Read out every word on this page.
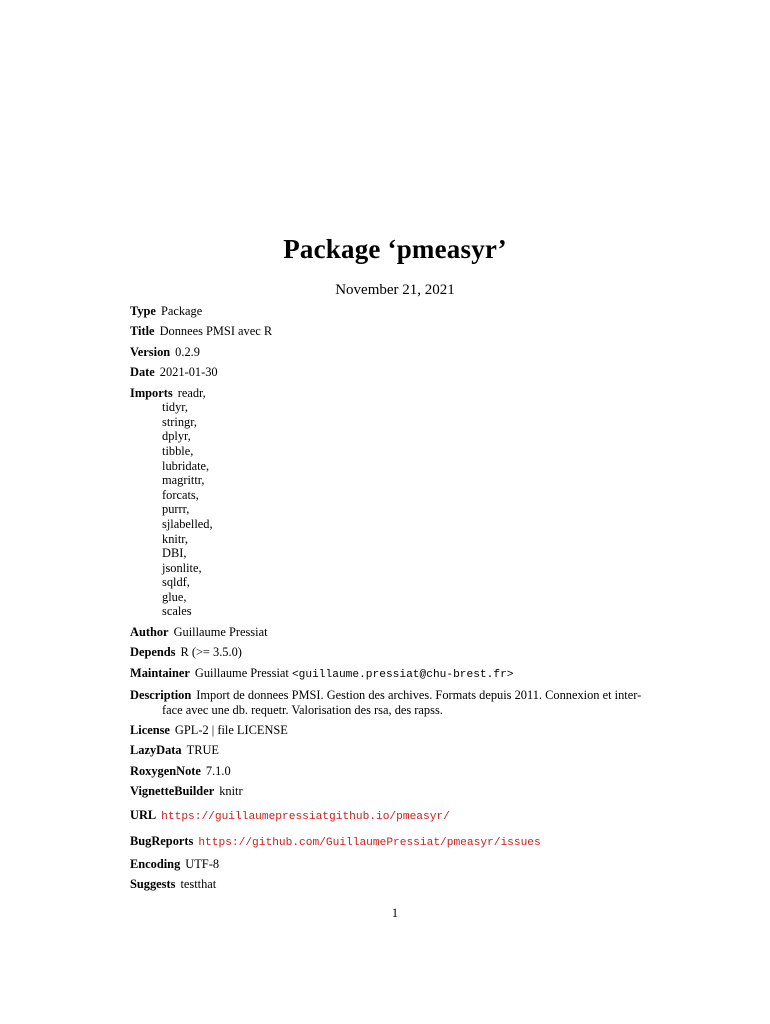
Package ‘pmeasyr’
November 21, 2021
Type Package
Title Donnees PMSI avec R
Version 0.2.9
Date 2021-01-30
Imports readr,
tidyr,
stringr,
dplyr,
tibble,
lubridate,
magrittr,
forcats,
purrr,
sjlabelled,
knitr,
DBI,
jsonlite,
sqldf,
glue,
scales
Author Guillaume Pressiat
Depends R (>= 3.5.0)
Maintainer Guillaume Pressiat <guillaume.pressiat@chu-brest.fr>
Description Import de donnees PMSI. Gestion des archives. Formats depuis 2011. Connexion et inter-
face avec une db. requetr. Valorisation des rsa, des rapss.
License GPL-2 | file LICENSE
LazyData TRUE
RoxygenNote 7.1.0
VignetteBuilder knitr
URL https://guillaumepressiatgithub.io/pmeasyr/
BugReports https://github.com/GuillaumePressiat/pmeasyr/issues
Encoding UTF-8
Suggests testthat
1
